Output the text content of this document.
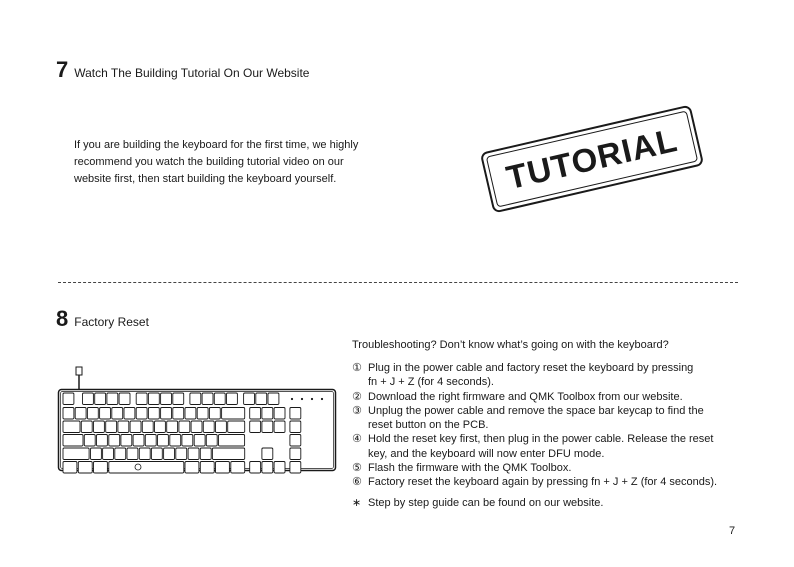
7 Watch The Building Tutorial On Our Website
If you are building the keyboard for the first time, we highly
recommend you watch the building tutorial video on our
website first, then start building the keyboard yourself.	TUTORIAL
8 Factory Reset
Troubleshooting? Don’t know what’s going on with the keyboard?
① Plug in the power cable and factory reset the keyboard by pressing
fn + J + Z (for 4 seconds).
② Download the right firmware and QMK Toolbox from our website.
③ Unplug the power cable and remove the space bar keycap to find the
reset button on the PCB.
④ Hold the reset key first, then plug in the power cable. Release the reset
key, and the keyboard will now enter DFU mode.
⑤ Flash the firmware with the QMK Toolbox.
⑥ Factory reset the keyboard again by pressing fn + J + Z (for 4 seconds).
∗ Step by step guide can be found on our website.
7
